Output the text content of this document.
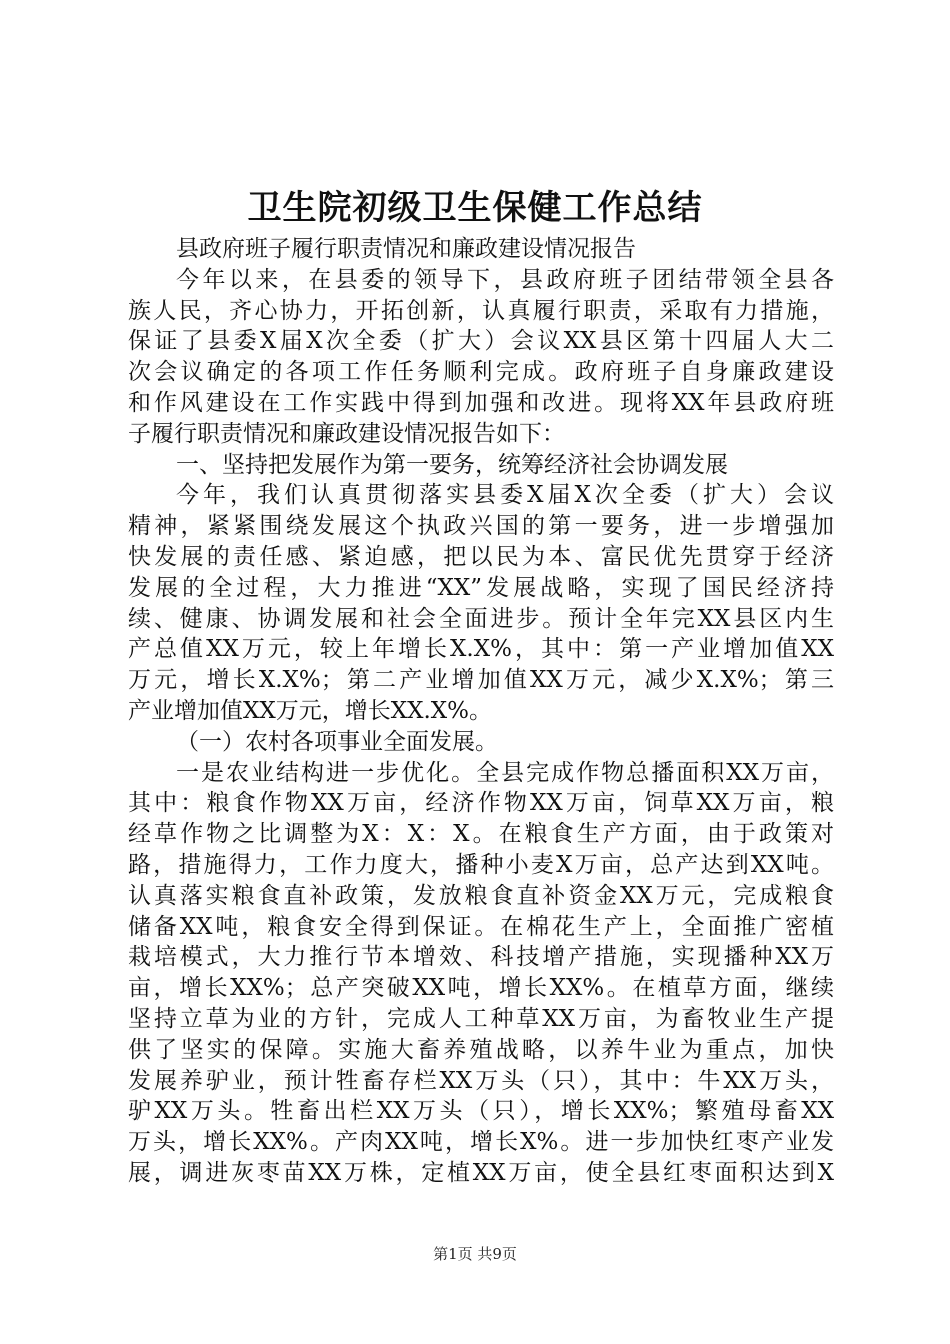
卫生院初级卫生保健工作总结
县政府班子履行职责情况和廉政建设情况报告
今年以来，在县委的领导下，县政府班子团结带领全县各
族人民，齐心协力，开拓创新，认真履行职责，采取有力措施，
保证了县委X届X次全委（扩大）会议XX县区第十四届人大二
次会议确定的各项工作任务顺利完成。政府班子自身廉政建设
和作风建设在工作实践中得到加强和改进。现将XX年县政府班
子履行职责情况和廉政建设情况报告如下：
一、坚持把发展作为第一要务，统筹经济社会协调发展
今年，我们认真贯彻落实县委X届X次全委（扩大）会议
精神，紧紧围绕发展这个执政兴国的第一要务，进一步增强加
快发展的责任感、紧迫感，把以民为本、富民优先贯穿于经济
发展的全过程，大力推进“XX”发展战略，实现了国民经济持
续、健康、协调发展和社会全面进步。预计全年完XX县区内生
产总值XX万元，较上年增长X.X%，其中：第一产业增加值XX
万元，增长X.X%；第二产业增加值XX万元，减少X.X%；第三
产业增加值XX万元，增长XX.X%。
（一）农村各项事业全面发展。
一是农业结构进一步优化。全县完成作物总播面积XX万亩，
其中：粮食作物XX万亩，经济作物XX万亩，饲草XX万亩，粮
经草作物之比调整为X：X：X。在粮食生产方面，由于政策对
路，措施得力，工作力度大，播种小麦X万亩，总产达到XX吨。
认真落实粮食直补政策，发放粮食直补资金XX万元，完成粮食
储备XX吨，粮食安全得到保证。在棉花生产上，全面推广密植
栽培模式，大力推行节本增效、科技增产措施，实现播种XX万
亩，增长XX%；总产突破XX吨，增长XX%。在植草方面，继续
坚持立草为业的方针，完成人工种草XX万亩，为畜牧业生产提
供了坚实的保障。实施大畜养殖战略，以养牛业为重点，加快
发展养驴业，预计牲畜存栏XX万头（只），其中：牛XX万头，
驴XX万头。牲畜出栏XX万头（只），增长XX%；繁殖母畜XX
万头，增长XX%。产肉XX吨，增长X%。进一步加快红枣产业发
展，调进灰枣苗XX万株，定植XX万亩，使全县红枣面积达到X
第1页 共9页
